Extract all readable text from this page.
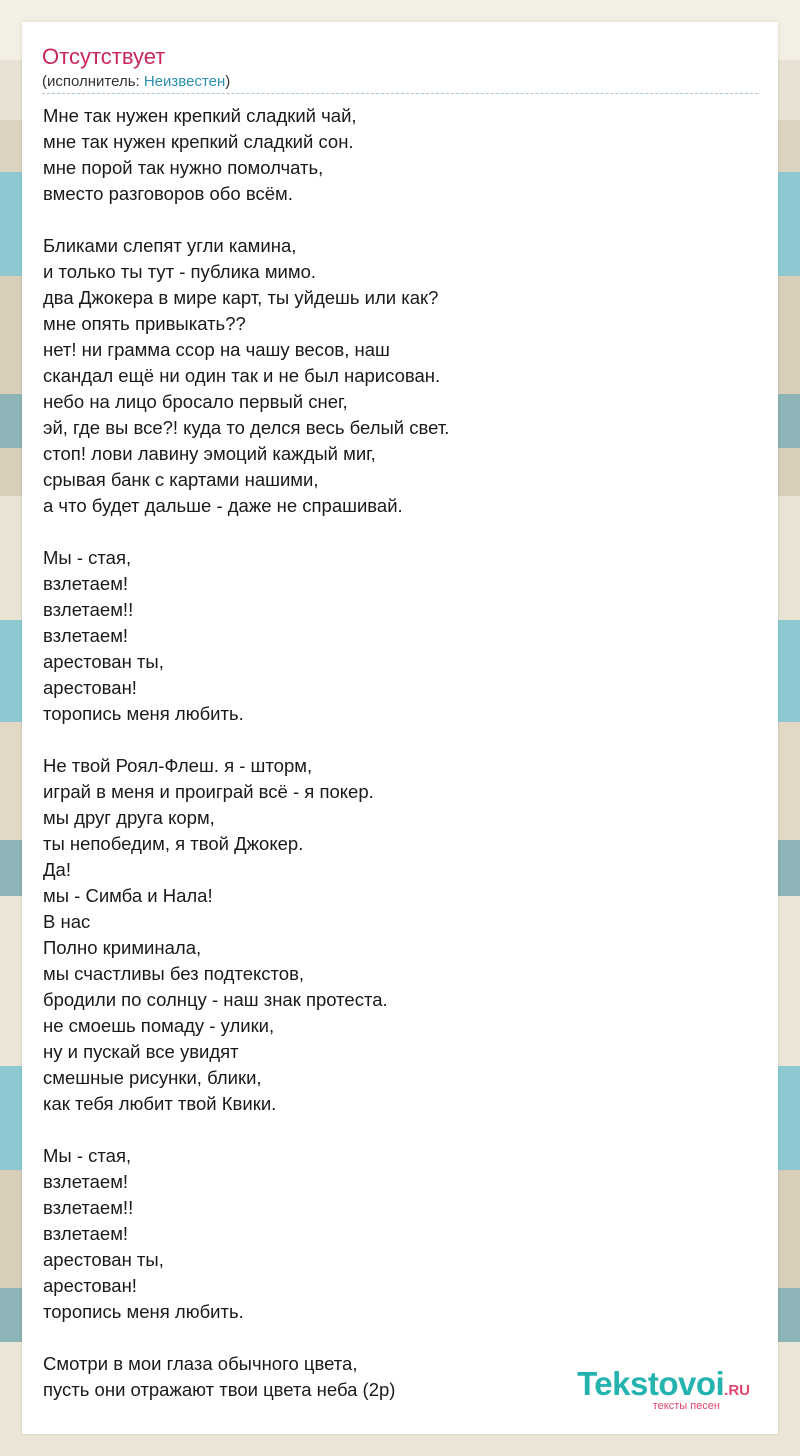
Отсутствует
(исполнитель: Неизвестен)
Мне так нужен крепкий сладкий чай,
мне так нужен крепкий сладкий сон.
мне порой так нужно помолчать,
вместо разговоров обо всём.
Бликами слепят угли камина,
и только ты тут - публика мимо.
два Джокера в мире карт, ты уйдешь или как?
мне опять привыкать??
нет! ни грамма ссор на чашу весов, наш
скандал ещё ни один так и не был нарисован.
небо на лицо бросало первый снег,
эй, где вы все?! куда то делся весь белый свет.
стоп! лови лавину эмоций каждый миг,
срывая банк с картами нашими,
а что будет дальше - даже не спрашивай.
Мы - стая,
взлетаем!
взлетаем!!
взлетаем!
арестован ты,
арестован!
торопись меня любить.
Не твой Роял-Флеш. я - шторм,
играй в меня и проиграй всё - я покер.
мы друг друга корм,
ты непобедим, я твой Джокер.
Да!
мы - Симба и Нала!
В нас
Полно криминала,
мы счастливы без подтекстов,
бродили по солнцу - наш знак протеста.
не смоешь помаду - улики,
ну и пускай все увидят
смешные рисунки, блики,
как тебя любит твой Квики.
Мы - стая,
взлетаем!
взлетаем!!
взлетаем!
арестован ты,
арестован!
торопись меня любить.
Смотри в мои глаза обычного цвета,
пусть они отражают твои цвета неба (2р)	Tekstovoi.RU
тексты песен
